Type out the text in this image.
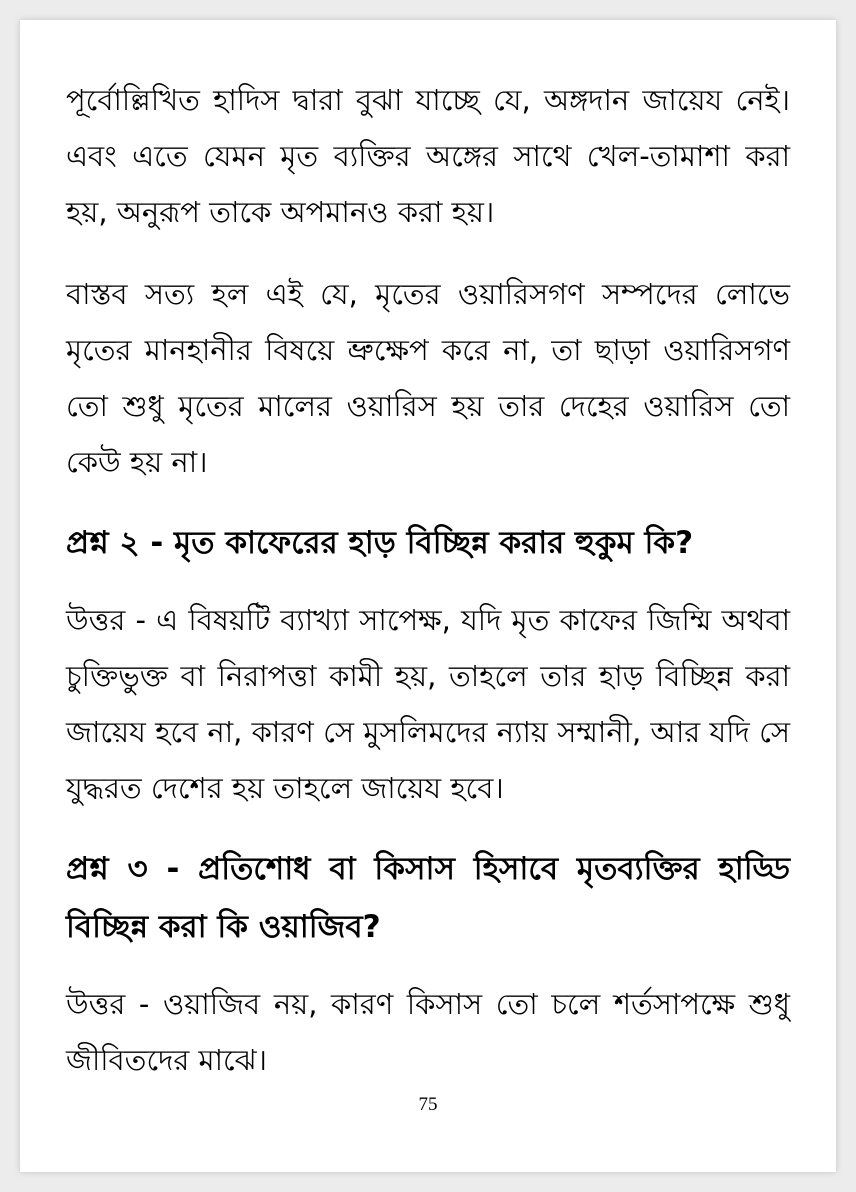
পূর্বোল্লিখিত হাদিস দ্বারা বুঝা যাচ্ছে যে, অঙ্গদান জায়েয নেই। এবং এতে যেমন মৃত ব্যক্তির অঙ্গের সাথে খেল-তামাশা করা হয়, অনুরূপ তাকে অপমানও করা হয়।

বাস্তব সত্য হল এই যে, মৃতের ওয়ারিসগণ সম্পদের লোভে মৃতের মানহানীর বিষয়ে ভ্রুক্ষেপ করে না, তা ছাড়া ওয়ারিসগণ তো শুধু মৃতের মালের ওয়ারিস হয় তার দেহের ওয়ারিস তো কেউ হয় না।

প্রশ্ন ২ - মৃত কাফেরের হাড় বিচ্ছিন্ন করার হুকুম কি?

উত্তর - এ বিষয়টি ব্যাখ্যা সাপেক্ষ, যদি মৃত কাফের জিম্মি অথবা চুক্তিভুক্ত বা নিরাপত্তা কামী হয়, তাহলে তার হাড় বিচ্ছিন্ন করা জায়েয হবে না, কারণ সে মুসলিমদের ন্যায় সম্মানী, আর যদি সে যুদ্ধরত দেশের হয় তাহলে জায়েয হবে।

প্রশ্ন ৩ - প্রতিশোধ বা কিসাস হিসাবে মৃতব্যক্তির হাড্ডি বিচ্ছিন্ন করা কি ওয়াজিব?

উত্তর - ওয়াজিব নয়, কারণ কিসাস তো চলে শর্তসাপক্ষে শুধু জীবিতদের মাঝে।

75
